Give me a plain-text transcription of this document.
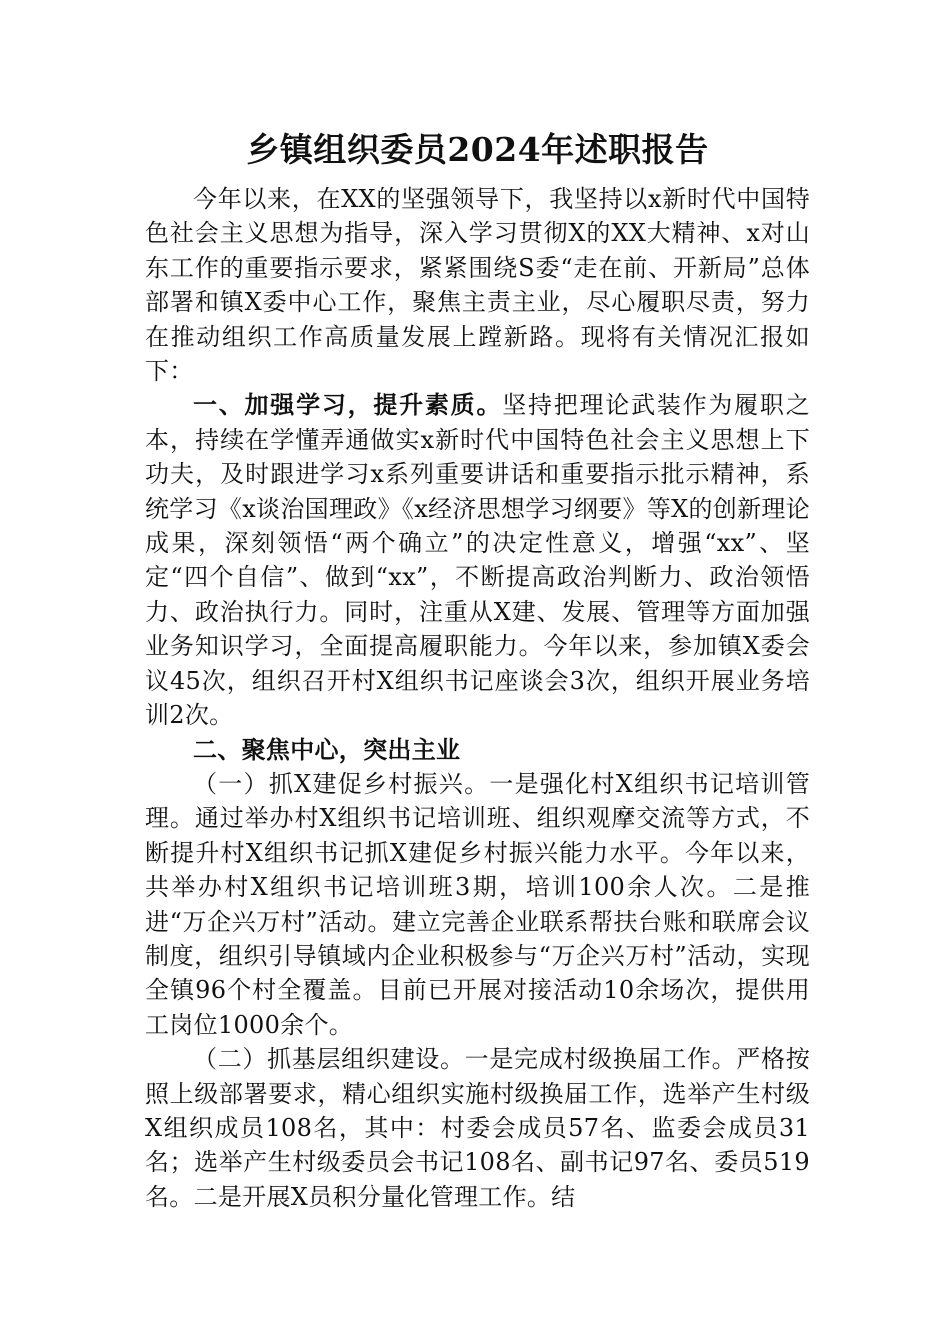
乡镇组织委员2024年述职报告

今年以来，在XX的坚强领导下，我坚持以x新时代中国特色社会主义思想为指导，深入学习贯彻X的XX大精神、x对山东工作的重要指示要求，紧紧围绕S委“走在前、开新局”总体部署和镇X委中心工作，聚焦主责主业，尽心履职尽责，努力在推动组织工作高质量发展上蹚新路。现将有关情况汇报如下：

一、加强学习，提升素质。坚持把理论武装作为履职之本，持续在学懂弄通做实x新时代中国特色社会主义思想上下功夫，及时跟进学习x系列重要讲话和重要指示批示精神，系统学习《x谈治国理政》《x经济思想学习纲要》等X的创新理论成果，深刻领悟“两个确立”的决定性意义，增强“xx”、坚定“四个自信”、做到“xx”，不断提高政治判断力、政治领悟力、政治执行力。同时，注重从X建、发展、管理等方面加强业务知识学习，全面提高履职能力。今年以来，参加镇X委会议45次，组织召开村X组织书记座谈会3次，组织开展业务培训2次。

二、聚焦中心，突出主业

（一）抓X建促乡村振兴。一是强化村X组织书记培训管理。通过举办村X组织书记培训班、组织观摩交流等方式，不断提升村X组织书记抓X建促乡村振兴能力水平。今年以来，共举办村X组织书记培训班3期，培训100余人次。二是推进“万企兴万村”活动。建立完善企业联系帮扶台账和联席会议制度，组织引导镇域内企业积极参与“万企兴万村”活动，实现全镇96个村全覆盖。目前已开展对接活动10余场次，提供用工岗位1000余个。

（二）抓基层组织建设。一是完成村级换届工作。严格按照上级部署要求，精心组织实施村级换届工作，选举产生村级X组织成员108名，其中：村委会成员57名、监委会成员31名；选举产生村级委员会书记108名、副书记97名、委员519名。二是开展X员积分量化管理工作。结
